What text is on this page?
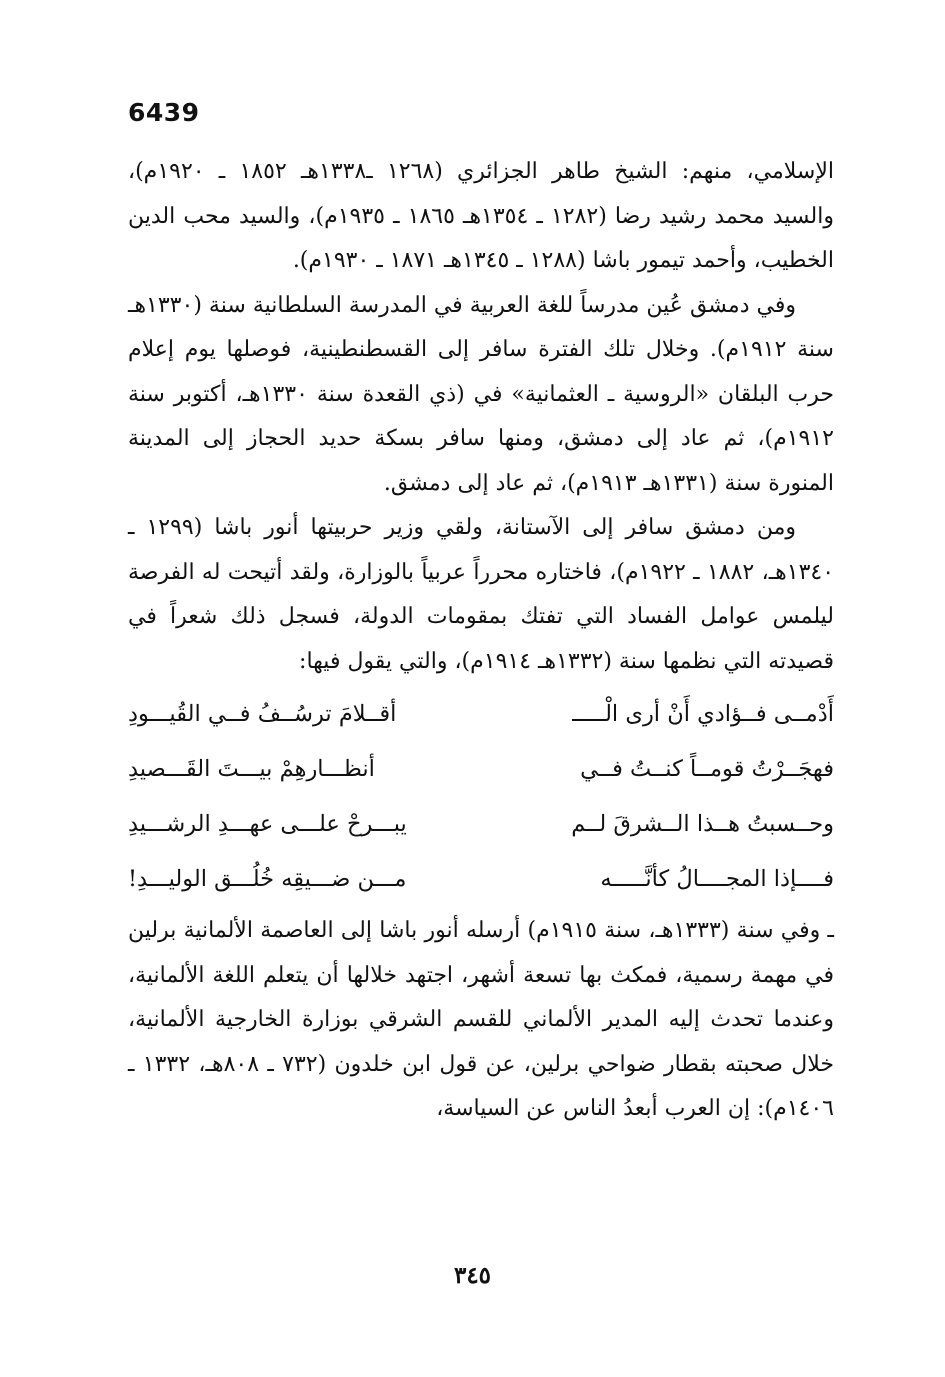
6439

الإسلامي، منهم: الشيخ طاهر الجزائري (١٢٦٨ ـ١٣٣٨هـ ١٨٥٢ ـ ١٩٢٠م)، والسيد محمد رشيد رضا (١٢٨٢ ـ ١٣٥٤هـ ١٨٦٥ ـ ١٩٣٥م)، والسيد محب الدين الخطيب، وأحمد تيمور باشا (١٢٨٨ ـ ١٣٤٥هـ ١٨٧١ ـ ١٩٣٠م).

وفي دمشق عُين مدرساً للغة العربية في المدرسة السلطانية سنة (١٣٣٠هـ سنة ١٩١٢م). وخلال تلك الفترة سافر إلى القسطنطينية، فوصلها يوم إعلام حرب البلقان «الروسية ـ العثمانية» في (ذي القعدة سنة ١٣٣٠هـ، أكتوبر سنة ١٩١٢م)، ثم عاد إلى دمشق، ومنها سافر بسكة حديد الحجاز إلى المدينة المنورة سنة (١٣٣١هـ ١٩١٣م)، ثم عاد إلى دمشق.

ومن دمشق سافر إلى الآستانة، ولقي وزير حربيتها أنور باشا (١٢٩٩ ـ ١٣٤٠هـ، ١٨٨٢ ـ ١٩٢٢م)، فاختاره محرراً عربياً بالوزارة، ولقد أتيحت له الفرصة ليلمس عوامل الفساد التي تفتك بمقومات الدولة، فسجل ذلك شعراً في قصيدته التي نظمها سنة (١٣٣٢هـ ١٩١٤م)، والتي يقول فيها:

أَدْمــى فــؤادي أَنْ أرى الْـــــ
أقــلامَ ترسُــفُ فــي القُيـــودِ
فهجَــرْتُ قومــاً كنــتُ فــي
أنظـــارهِمْ بيـــتَ القَـــصيدِ
وحــسبتُ هــذا الــشرقَ لــم
يبـــرحْ علـــى عهـــدِ الرشـــيدِ
فــــإذا المجــــالُ كأنَّـــــه
مـــن ضـــيقِه خُلُـــق الوليـــدِ!

ـ وفي سنة (١٣٣٣هـ، سنة ١٩١٥م) أرسله أنور باشا إلى العاصمة الألمانية برلين في مهمة رسمية، فمكث بها تسعة أشهر، اجتهد خلالها أن يتعلم اللغة الألمانية، وعندما تحدث إليه المدير الألماني للقسم الشرقي بوزارة الخارجية الألمانية، خلال صحبته بقطار ضواحي برلين، عن قول ابن خلدون (٧٣٢ ـ ٨٠٨هـ، ١٣٣٢ ـ ١٤٠٦م): إن العرب أبعدُ الناس عن السياسة،

٣٤٥
